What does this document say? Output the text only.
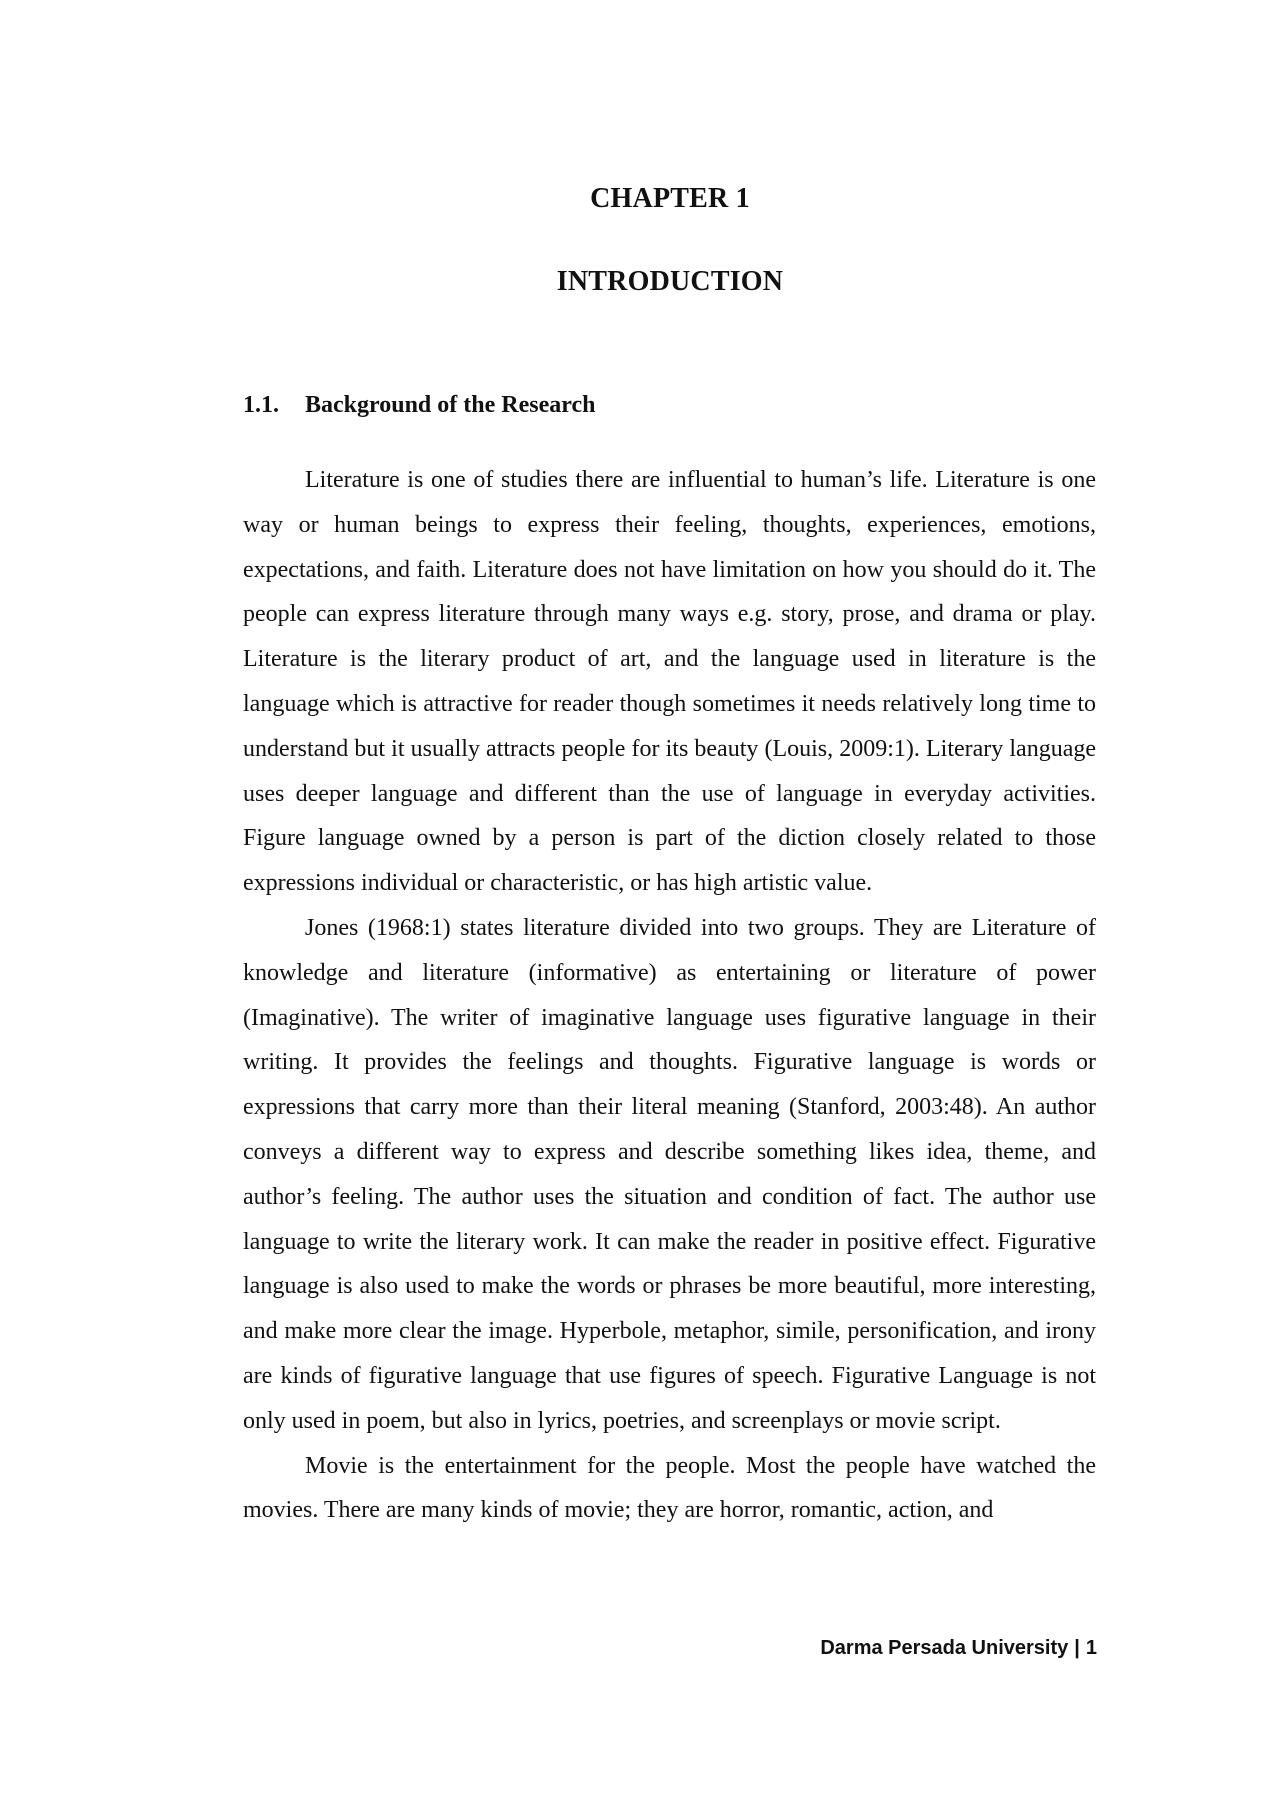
CHAPTER 1
INTRODUCTION
1.1. Background of the Research

Literature is one of studies there are influential to human’s life. Literature is one way or human beings to express their feeling, thoughts, experiences, emotions, expectations, and faith. Literature does not have limitation on how you should do it. The people can express literature through many ways e.g. story, prose, and drama or play. Literature is the literary product of art, and the language used in literature is the language which is attractive for reader though sometimes it needs relatively long time to understand but it usually attracts people for its beauty (Louis, 2009:1). Literary language uses deeper language and different than the use of language in everyday activities. Figure language owned by a person is part of the diction closely related to those expressions individual or characteristic, or has high artistic value.

Jones (1968:1) states literature divided into two groups. They are Literature of knowledge and literature (informative) as entertaining or literature of power (Imaginative). The writer of imaginative language uses figurative language in their writing. It provides the feelings and thoughts. Figurative language is words or expressions that carry more than their literal meaning (Stanford, 2003:48). An author conveys a different way to express and describe something likes idea, theme, and author’s feeling. The author uses the situation and condition of fact. The author use language to write the literary work. It can make the reader in positive effect. Figurative language is also used to make the words or phrases be more beautiful, more interesting, and make more clear the image. Hyperbole, metaphor, simile, personification, and irony are kinds of figurative language that use figures of speech. Figurative Language is not only used in poem, but also in lyrics, poetries, and screenplays or movie script.

Movie is the entertainment for the people. Most the people have watched the movies. There are many kinds of movie; they are horror, romantic, action, and

Darma Persada University | 1
